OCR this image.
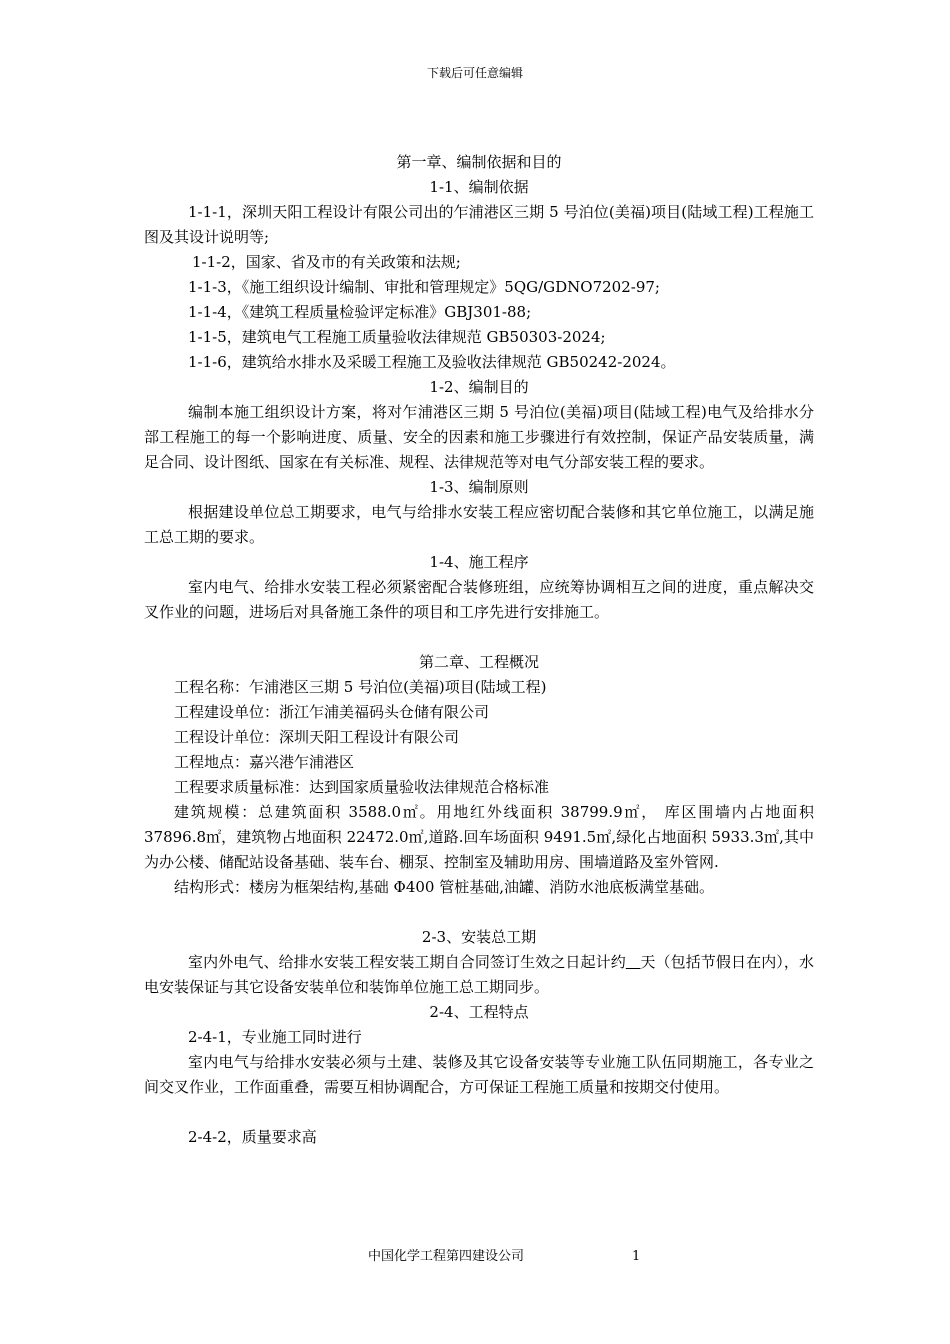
下载后可任意编辑

第一章、编制依据和目的

1-1、编制依据

1-1-1，深圳天阳工程设计有限公司出的乍浦港区三期 5 号泊位(美福)项目(陆域工程)工程施工图及其设计说明等;

1-1-2，国家、省及市的有关政策和法规;

1-1-3，《施工组织设计编制、审批和管理规定》5QG/GDNO7202-97;

1-1-4，《建筑工程质量检验评定标准》GBJ301-88;

1-1-5，建筑电气工程施工质量验收法律规范 GB50303-2024;

1-1-6，建筑给水排水及采暖工程施工及验收法律规范 GB50242-2024。

1-2、编制目的

编制本施工组织设计方案，将对乍浦港区三期 5 号泊位(美福)项目(陆域工程)电气及给排水分部工程施工的每一个影响进度、质量、安全的因素和施工步骤进行有效控制，保证产品安装质量，满足合同、设计图纸、国家在有关标准、规程、法律规范等对电气分部安装工程的要求。

1-3、编制原则

根据建设单位总工期要求，电气与给排水安装工程应密切配合装修和其它单位施工，以满足施工总工期的要求。

1-4、施工程序

室内电气、给排水安装工程必须紧密配合装修班组，应统筹协调相互之间的进度，重点解决交叉作业的问题，进场后对具备施工条件的项目和工序先进行安排施工。

第二章、工程概况

工程名称：乍浦港区三期 5 号泊位(美福)项目(陆域工程)

工程建设单位：浙江乍浦美福码头仓储有限公司

工程设计单位：深圳天阳工程设计有限公司

工程地点：嘉兴港乍浦港区

工程要求质量标准：达到国家质量验收法律规范合格标准

建筑规模：总建筑面积 3588.0㎡。用地红外线面积 38799.9㎡， 库区围墙内占地面积 37896.8㎡，建筑物占地面积 22472.0㎡,道路.回车场面积 9491.5㎡,绿化占地面积 5933.3㎡,其中为办公楼、储配站设备基础、装车台、棚泵、控制室及辅助用房、围墙道路及室外管网.

结构形式：楼房为框架结构,基础 Φ400 管桩基础,油罐、消防水池底板满堂基础。

2-3、安装总工期

室内外电气、给排水安装工程安装工期自合同签订生效之日起计约 天（包括节假日在内），水电安装保证与其它设备安装单位和装饰单位施工总工期同步。

2-4、工程特点

2-4-1，专业施工同时进行

室内电气与给排水安装必须与土建、装修及其它设备安装等专业施工队伍同期施工，各专业之间交叉作业，工作面重叠，需要互相协调配合，方可保证工程施工质量和按期交付使用。

2-4-2，质量要求高

中国化学工程第四建设公司	1
